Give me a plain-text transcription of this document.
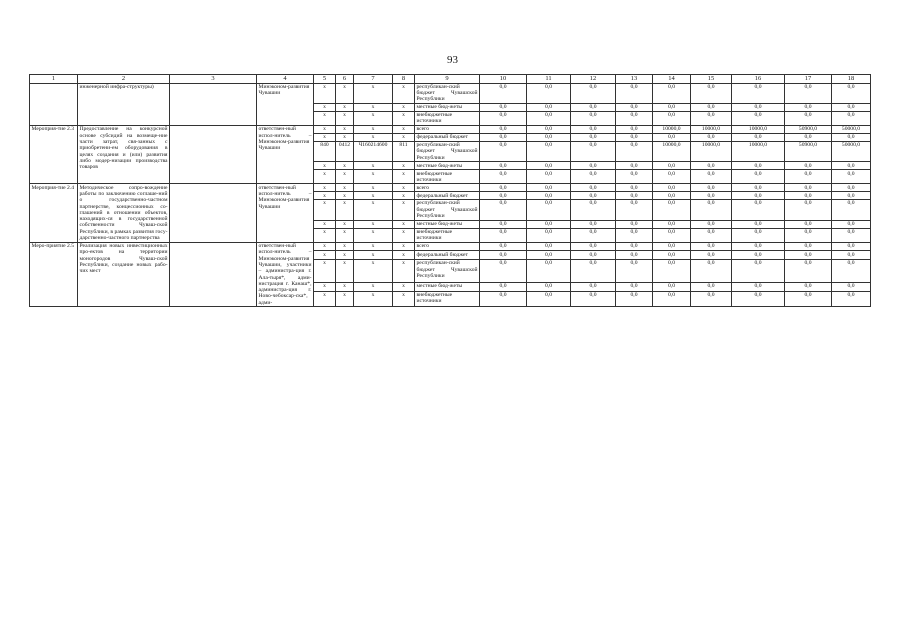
93
1	2	3	4	5	6	7	8	9	10	11	12	13	14	15	16	17	18
	инженерной инфра-структуры)		Минэконом-развития Чувашии	x	x	x	x	республикан-ский бюджет Чувашской Республики	0,0	0,0	0,0	0,0	0,0	0,0	0,0	0,0	0,0
				x	x	x	x	местные бюд-жеты	0,0	0,0	0,0	0,0	0,0	0,0	0,0	0,0	0,0
				x	x	x	x	внебюджетные источники	0,0	0,0	0,0	0,0	0,0	0,0	0,0	0,0	0,0
Мероприя-тие 2.3	Предоставление на конкурсной основе субсидий на возмеще-ние части затрат, свя-занных с приобретени-ем оборудования в целях создания и (или) развития либо модер-низации производства товаров		ответствен-ный испол-нитель – Минэконом-развития Чувашии	x	x	x	x	всего	0,0	0,0	0,0	0,0	10000,0	10000,0	10000,0	50900,0	50000,0
				x	x	x	x	федеральный бюджет	0,0	0,0	0,0	0,0	0,0	0,0	0,0	0,0	0,0
				840	0412	Ч160214600	811	республикан-ский бюджет Чувашской Республики	0,0	0,0	0,0	0,0	10000,0	10000,0	10000,0	50900,0	50000,0
				x	x	x	x	местные бюд-жеты	0,0	0,0	0,0	0,0	0,0	0,0	0,0	0,0	0,0
				x	x	x	x	внебюджетные источники	0,0	0,0	0,0	0,0	0,0	0,0	0,0	0,0	0,0
Мероприя-тие 2.4	Методическое сопро-вождение работы по заключению соглаше-ний о государственно-частном партнерстве, концессионных со-глашений в отношении объектов, находящих-ся в государственной собственности Чуваш-ской Республики, в рамках развития госу-дарственно-частного партнерства		ответствен-ный испол-нитель – Минэконом-развития Чувашии	x	x	x	x	всего	0,0	0,0	0,0	0,0	0,0	0,0	0,0	0,0	0,0
				x	x	x	x	федеральный бюджет	0,0	0,0	0,0	0,0	0,0	0,0	0,0	0,0	0,0
				x	x	x	x	республикан-ский бюджет Чувашской Республики	0,0	0,0	0,0	0,0	0,0	0,0	0,0	0,0	0,0
				x	x	x	x	местные бюд-жеты	0,0	0,0	0,0	0,0	0,0	0,0	0,0	0,0	0,0
				x	x	x	x	внебюджетные источники	0,0	0,0	0,0	0,0	0,0	0,0	0,0	0,0	0,0
Меро-приятие 2.5	Реализация новых инвестиционных про-ектов на территории моногородов Чуваш-ской Республики, создание новых рабо-чих мест		ответствен-ный испол-нитель – Минэконом-развития Чувашии, участники – администра-ция г. Ала-тыря*, адми-нистрация г. Канаш*, администра-ция г. Ново-чебоксар-ска*, адми-	x	x	x	x	всего	0,0	0,0	0,0	0,0	0,0	0,0	0,0	0,0	0,0
				x	x	x	x	федеральный бюджет	0,0	0,0	0,0	0,0	0,0	0,0	0,0	0,0	0,0
				x	x	x	x	республикан-ский бюджет Чувашской Республики	0,0	0,0	0,0	0,0	0,0	0,0	0,0	0,0	0,0
				x	x	x	x	местные бюд-жеты	0,0	0,0	0,0	0,0	0,0	0,0	0,0	0,0	0,0
				x	x	x	x	внебюджетные источники	0,0	0,0	0,0	0,0	0,0	0,0	0,0	0,0	0,0
